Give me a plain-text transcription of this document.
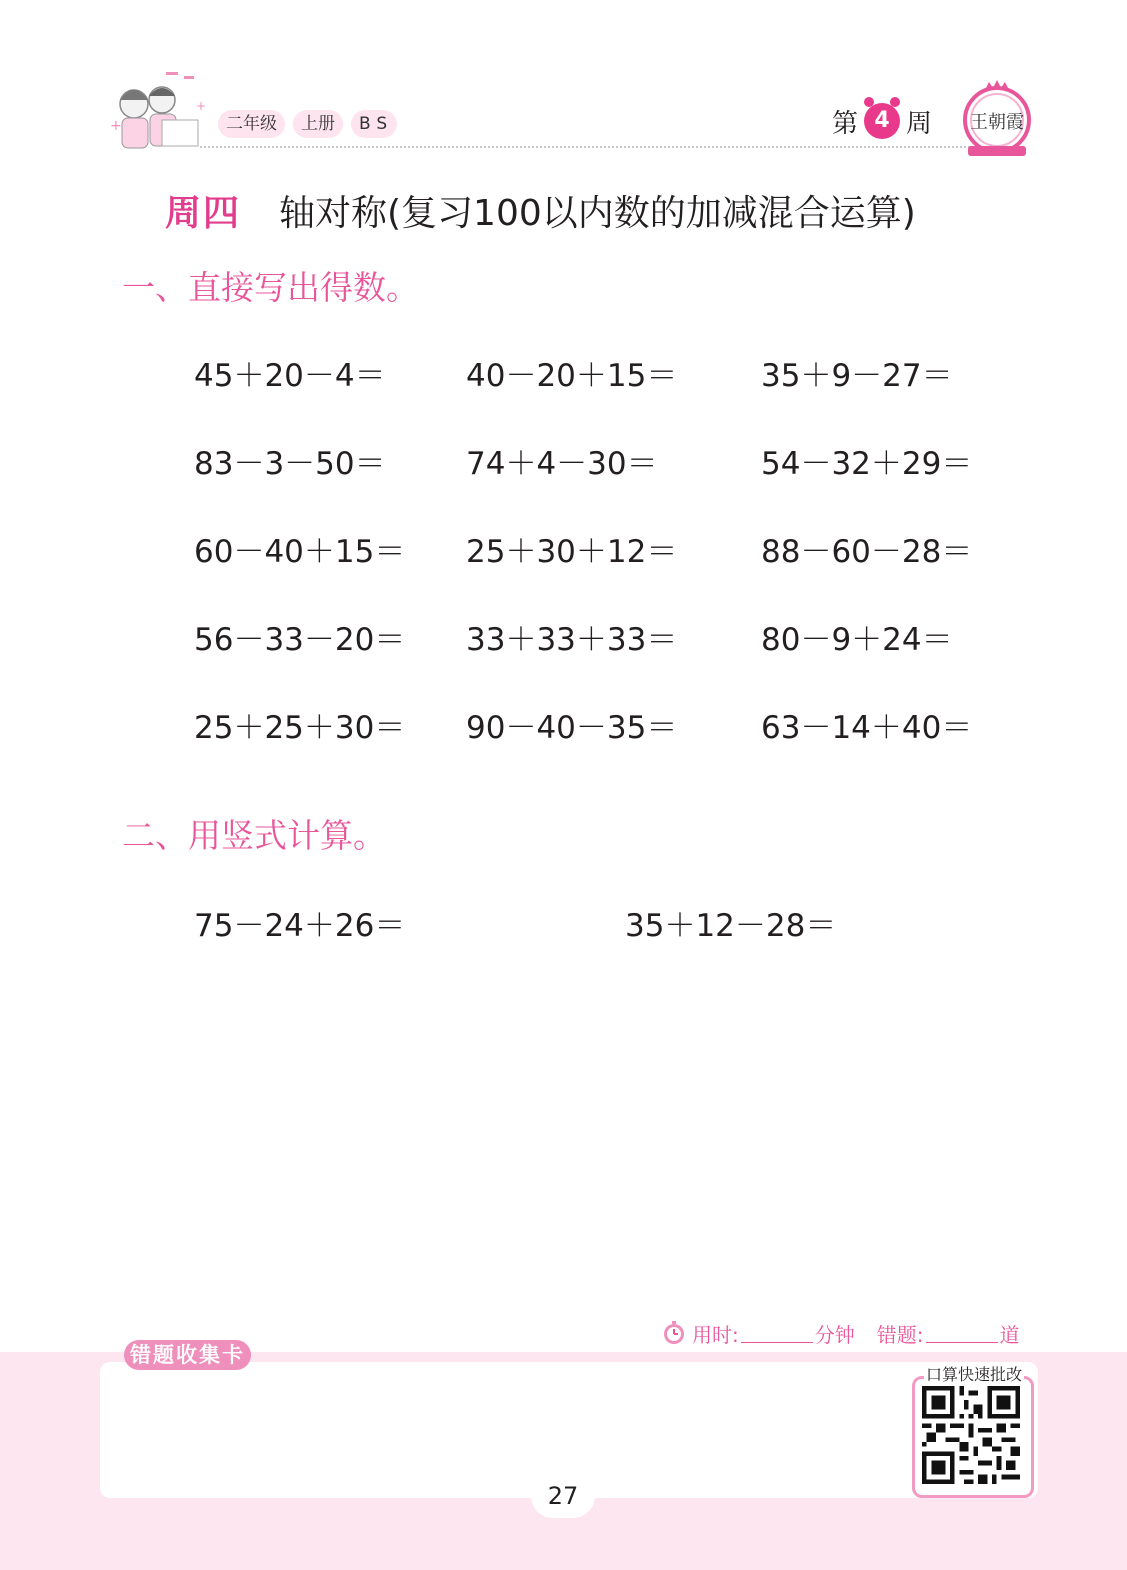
+
+
二年级	上册	BS	第 4 周 王朝霞
周四 轴对称(复习100以内数的加减混合运算)
一、直接写出得数。
45＋20－4＝	40－20＋15＝	35＋9－27＝
83－3－50＝	74＋4－30＝	54－32＋29＝
60－40＋15＝ 25＋30＋12＝	88－60－28＝
56－33－20＝ 33＋33＋33＝	80－9＋24＝
25＋25＋30＝ 90－40－35＝	63－14＋40＝
二、用竖式计算。
75－24＋26＝	35＋12－28＝
用时:	分钟 错题:	道
错题收集卡
口算快速批改
27
